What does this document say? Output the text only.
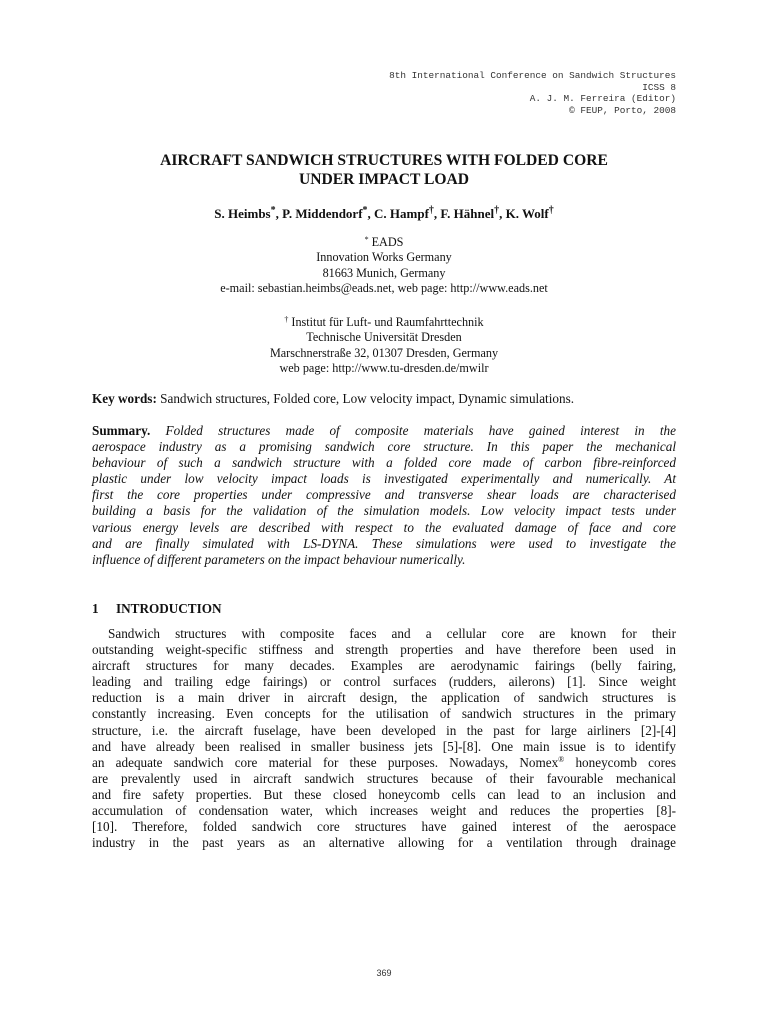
8th International Conference on Sandwich Structures
ICSS 8
A. J. M. Ferreira (Editor)
© FEUP, Porto, 2008
AIRCRAFT SANDWICH STRUCTURES WITH FOLDED CORE
UNDER IMPACT LOAD
S. Heimbs*, P. Middendorf*, C. Hampf†, F. Hähnel†, K. Wolf†
* EADS
Innovation Works Germany
81663 Munich, Germany
e-mail: sebastian.heimbs@eads.net, web page: http://www.eads.net
† Institut für Luft- und Raumfahrttechnik
Technische Universität Dresden
Marschnerstraße 32, 01307 Dresden, Germany
web page: http://www.tu-dresden.de/mwilr
Key words: Sandwich structures, Folded core, Low velocity impact, Dynamic simulations.
Summary. Folded structures made of composite materials have gained interest in the
aerospace industry as a promising sandwich core structure. In this paper the mechanical
behaviour of such a sandwich structure with a folded core made of carbon fibre-reinforced
plastic under low velocity impact loads is investigated experimentally and numerically. At
first the core properties under compressive and transverse shear loads are characterised
building a basis for the validation of the simulation models. Low velocity impact tests under
various energy levels are described with respect to the evaluated damage of face and core
and are finally simulated with LS-DYNA. These simulations were used to investigate the
influence of different parameters on the impact behaviour numerically.
1 INTRODUCTION
Sandwich structures with composite faces and a cellular core are known for their
outstanding weight-specific stiffness and strength properties and have therefore been used in
aircraft structures for many decades. Examples are aerodynamic fairings (belly fairing,
leading and trailing edge fairings) or control surfaces (rudders, ailerons) [1]. Since weight
reduction is a main driver in aircraft design, the application of sandwich structures is
constantly increasing. Even concepts for the utilisation of sandwich structures in the primary
structure, i.e. the aircraft fuselage, have been developed in the past for large airliners [2]-[4]
and have already been realised in smaller business jets [5]-[8]. One main issue is to identify
an adequate sandwich core material for these purposes. Nowadays, Nomex® honeycomb cores
are prevalently used in aircraft sandwich structures because of their favourable mechanical
and fire safety properties. But these closed honeycomb cells can lead to an inclusion and
accumulation of condensation water, which increases weight and reduces the properties [8]-
[10]. Therefore, folded sandwich core structures have gained interest of the aerospace
industry in the past years as an alternative allowing for a ventilation through drainage
369
